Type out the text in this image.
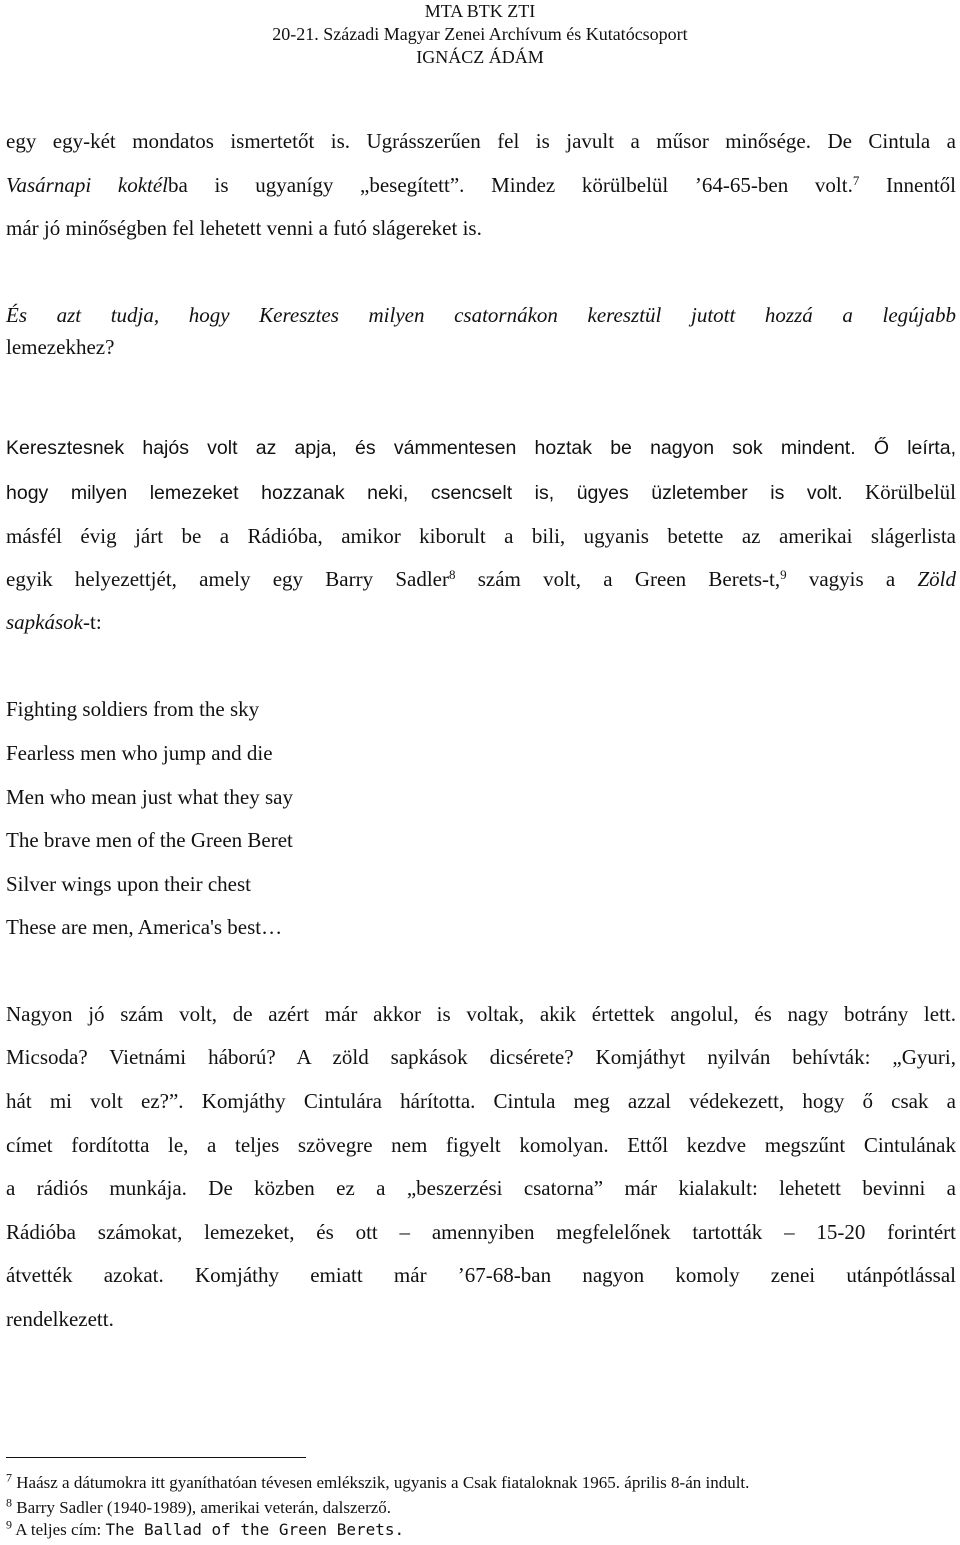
MTA BTK ZTI
20-21. Századi Magyar Zenei Archívum és Kutatócsoport
IGNÁCZ ÁDÁM
egy egy-két mondatos ismertetőt is. Ugrásszerűen fel is javult a műsor minősége. De Cintula a
Vasárnapi koktélba is ugyanígy „besegített”. Mindez körülbelül ’64-65-ben volt.$^7$ Innentől
már jó minőségben fel lehetett venni a futó slágereket is.
És azt tudja, hogy Keresztes milyen csatornákon keresztül jutott hozzá a legújabb
lemezekhez?
Keresztesnek hajós volt az apja, és vámmentesen hoztak be nagyon sok mindent. Ő leírta,
hogy milyen lemezeket hozzanak neki, csencselt is, ügyes üzletember is volt. Körülbelül
másfél évig járt be a Rádióba, amikor kiborult a bili, ugyanis betette az amerikai slágerlista
egyik helyezettjét, amely egy Barry Sadler$^8$ szám volt, a Green Berets-t,$^9$ vagyis a Zöld
sapkások-t:
Fighting soldiers from the sky
Fearless men who jump and die
Men who mean just what they say
The brave men of the Green Beret
Silver wings upon their chest
These are men, America's best…
Nagyon jó szám volt, de azért már akkor is voltak, akik értettek angolul, és nagy botrány lett.
Micsoda? Vietnámi háború? A zöld sapkások dicsérete? Komjáthyt nyilván behívták: „Gyuri,
hát mi volt ez?”. Komjáthy Cintulára hárította. Cintula meg azzal védekezett, hogy ő csak a
címet fordította le, a teljes szövegre nem figyelt komolyan. Ettől kezdve megszűnt Cintulának
a rádiós munkája. De közben ez a „beszerzési csatorna” már kialakult: lehetett bevinni a
Rádióba számokat, lemezeket, és ott – amennyiben megfelelőnek tartották – 15-20 forintért
átvették azokat. Komjáthy emiatt már ’67-68-ban nagyon komoly zenei utánpótlással
rendelkezett.
$^7$ Haász a dátumokra itt gyaníthatóan tévesen emlékszik, ugyanis a Csak fiataloknak 1965. április 8-án indult.
$^8$ Barry Sadler (1940-1989), amerikai veterán, dalszerző.
$^9$ A teljes cím: The Ballad of the Green Berets.
